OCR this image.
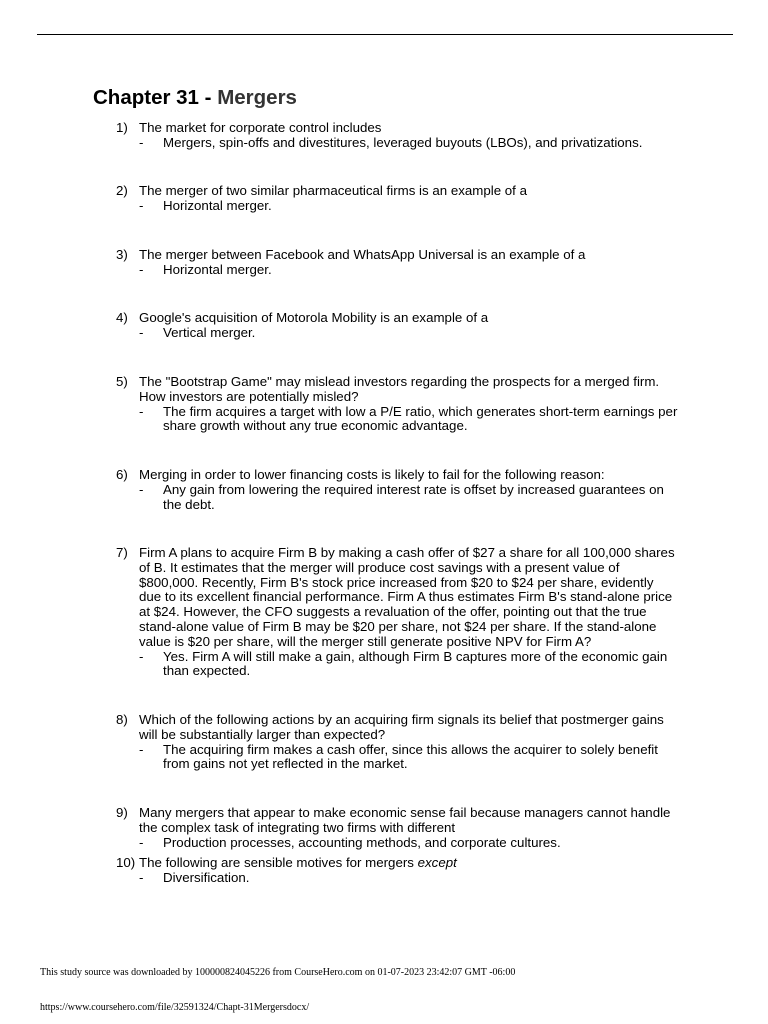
Chapter 31 - Mergers
1) The market for corporate control includes
- Mergers, spin-offs and divestitures, leveraged buyouts (LBOs), and privatizations.
2) The merger of two similar pharmaceutical firms is an example of a
- Horizontal merger.
3) The merger between Facebook and WhatsApp Universal is an example of a
- Horizontal merger.
4) Google's acquisition of Motorola Mobility is an example of a
- Vertical merger.
5) The "Bootstrap Game" may mislead investors regarding the prospects for a merged firm. How investors are potentially misled?
- The firm acquires a target with low a P/E ratio, which generates short-term earnings per share growth without any true economic advantage.
6) Merging in order to lower financing costs is likely to fail for the following reason:
- Any gain from lowering the required interest rate is offset by increased guarantees on the debt.
7) Firm A plans to acquire Firm B by making a cash offer of $27 a share for all 100,000 shares of B. It estimates that the merger will produce cost savings with a present value of $800,000. Recently, Firm B's stock price increased from $20 to $24 per share, evidently due to its excellent financial performance. Firm A thus estimates Firm B's stand-alone price at $24. However, the CFO suggests a revaluation of the offer, pointing out that the true stand-alone value of Firm B may be $20 per share, not $24 per share. If the stand-alone value is $20 per share, will the merger still generate positive NPV for Firm A?
- Yes. Firm A will still make a gain, although Firm B captures more of the economic gain than expected.
8) Which of the following actions by an acquiring firm signals its belief that postmerger gains will be substantially larger than expected?
- The acquiring firm makes a cash offer, since this allows the acquirer to solely benefit from gains not yet reflected in the market.
9) Many mergers that appear to make economic sense fail because managers cannot handle the complex task of integrating two firms with different
- Production processes, accounting methods, and corporate cultures.
10) The following are sensible motives for mergers except
- Diversification.
This study source was downloaded by 100000824045226 from CourseHero.com on 01-07-2023 23:42:07 GMT -06:00
https://www.coursehero.com/file/32591324/Chapt-31Mergersdocx/
